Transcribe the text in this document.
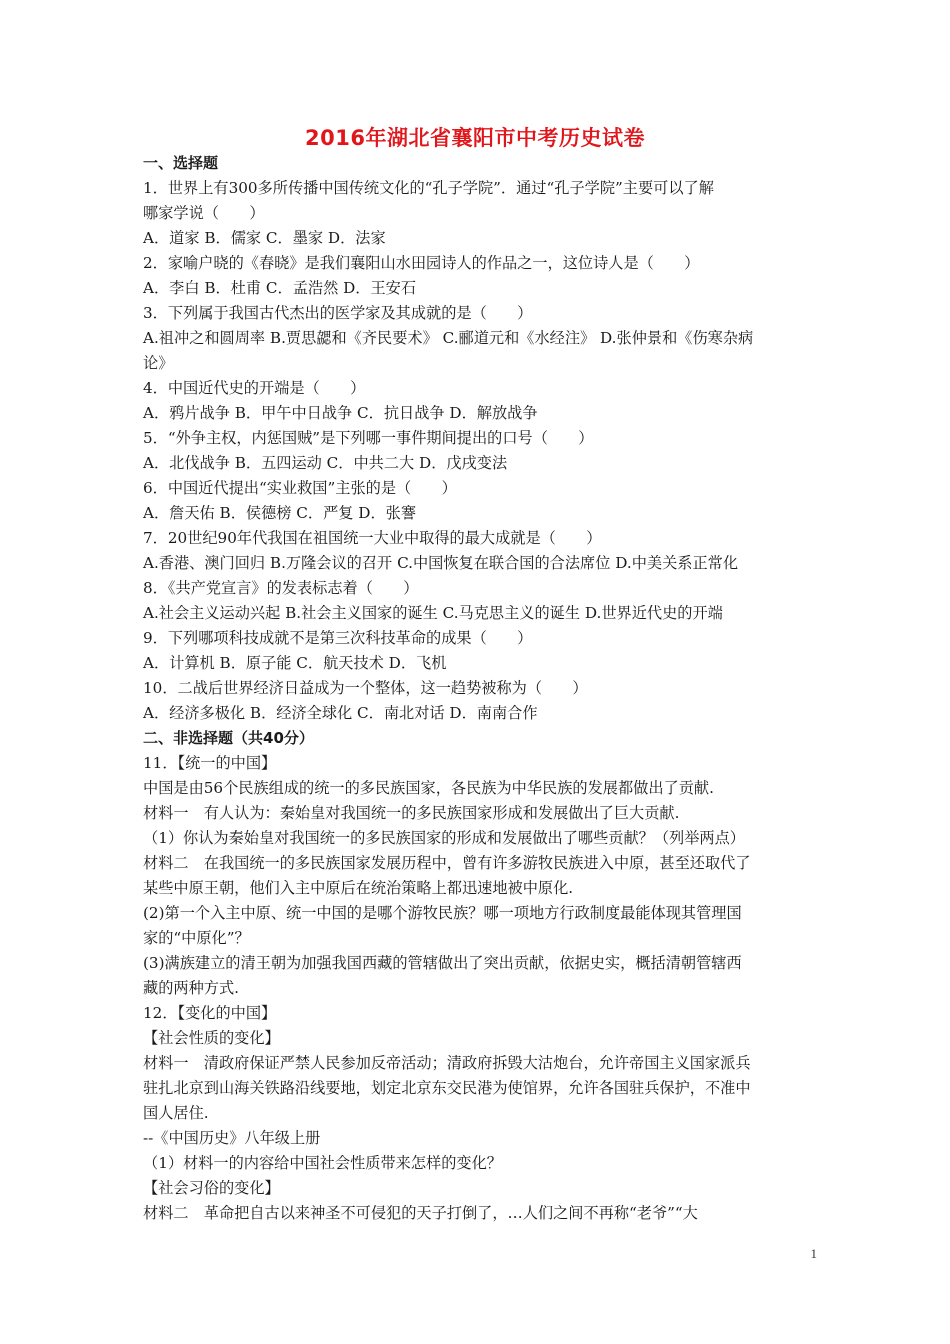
2016年湖北省襄阳市中考历史试卷
一、选择题
1．世界上有300多所传播中国传统文化的“孔子学院”．通过“孔子学院”主要可以了解
哪家学说（　　）
A．道家 B．儒家 C．墨家 D．法家
2．家喻户晓的《春晓》是我们襄阳山水田园诗人的作品之一，这位诗人是（　　）
A．李白 B．杜甫 C．孟浩然 D．王安石
3．下列属于我国古代杰出的医学家及其成就的是（　　）
A.祖冲之和圆周率 B.贾思勰和《齐民要术》 C.郦道元和《水经注》 D.张仲景和《伤寒杂病
论》
4．中国近代史的开端是（　　）
A．鸦片战争 B．甲午中日战争 C．抗日战争 D．解放战争
5．“外争主权，内惩国贼”是下列哪一事件期间提出的口号（　　）
A．北伐战争 B．五四运动 C．中共二大 D．戊戌变法
6．中国近代提出“实业救国”主张的是（　　）
A．詹天佑 B．侯德榜 C．严复 D．张謇
7．20世纪90年代我国在祖国统一大业中取得的最大成就是（　　）
A.香港、澳门回归 B.万隆会议的召开 C.中国恢复在联合国的合法席位 D.中美关系正常化
8．《共产党宣言》的发表标志着（　　）
A.社会主义运动兴起 B.社会主义国家的诞生 C.马克思主义的诞生 D.世界近代史的开端
9．下列哪项科技成就不是第三次科技革命的成果（　　）
A．计算机 B．原子能 C．航天技术 D．飞机
10．二战后世界经济日益成为一个整体，这一趋势被称为（　　）
A．经济多极化 B．经济全球化 C．南北对话 D．南南合作
二、非选择题（共40分）
11．【统一的中国】
中国是由56个民族组成的统一的多民族国家，各民族为中华民族的发展都做出了贡献.
材料一　有人认为：秦始皇对我国统一的多民族国家形成和发展做出了巨大贡献.
（1）你认为秦始皇对我国统一的多民族国家的形成和发展做出了哪些贡献？（列举两点）
材料二　在我国统一的多民族国家发展历程中，曾有许多游牧民族进入中原，甚至还取代了
某些中原王朝，他们入主中原后在统治策略上都迅速地被中原化.
(2)第一个入主中原、统一中国的是哪个游牧民族？哪一项地方行政制度最能体现其管理国
家的“中原化”？
(3)满族建立的清王朝为加强我国西藏的管辖做出了突出贡献，依据史实，概括清朝管辖西
藏的两种方式.
12．【变化的中国】
【社会性质的变化】
材料一　清政府保证严禁人民参加反帝活动；清政府拆毁大沽炮台，允许帝国主义国家派兵
驻扎北京到山海关铁路沿线要地，划定北京东交民港为使馆界，允许各国驻兵保护，不准中
国人居住.
--《中国历史》八年级上册
（1）材料一的内容给中国社会性质带来怎样的变化？
【社会习俗的变化】
材料二　革命把自古以来神圣不可侵犯的天子打倒了，…人们之间不再称“老爷”“大
1
